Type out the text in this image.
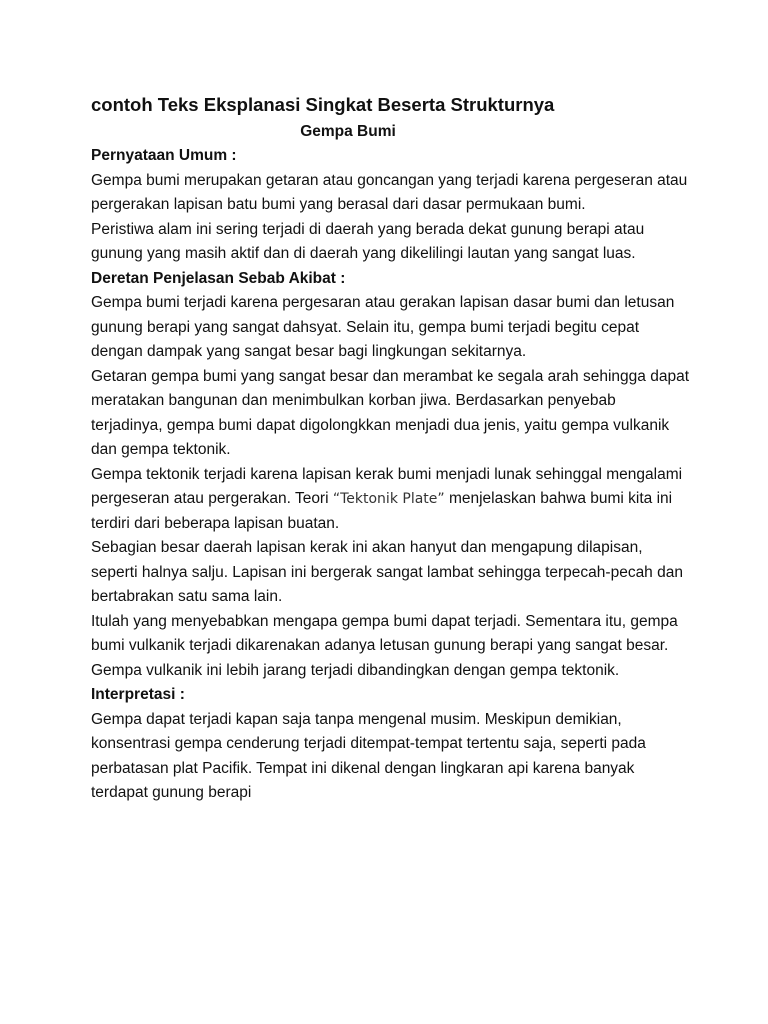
contoh Teks Eksplanasi Singkat Beserta Strukturnya
Gempa Bumi
Pernyataan Umum :

Gempa bumi merupakan getaran atau goncangan yang terjadi karena pergeseran atau pergerakan lapisan batu bumi yang berasal dari dasar permukaan bumi.

Peristiwa alam ini sering terjadi di daerah yang berada dekat gunung berapi atau gunung yang masih aktif dan di daerah yang dikelilingi lautan yang sangat luas.

Deretan Penjelasan Sebab Akibat :

Gempa bumi terjadi karena pergesaran atau gerakan lapisan dasar bumi dan letusan gunung berapi yang sangat dahsyat. Selain itu, gempa bumi terjadi begitu cepat dengan dampak yang sangat besar bagi lingkungan sekitarnya.

Getaran gempa bumi yang sangat besar dan merambat ke segala arah sehingga dapat meratakan bangunan dan menimbulkan korban jiwa. Berdasarkan penyebab terjadinya, gempa bumi dapat digolongkkan menjadi dua jenis, yaitu gempa vulkanik dan gempa tektonik.

Gempa tektonik terjadi karena lapisan kerak bumi menjadi lunak sehinggal mengalami pergeseran atau pergerakan. Teori “Tektonik Plate” menjelaskan bahwa bumi kita ini terdiri dari beberapa lapisan buatan.

Sebagian besar daerah lapisan kerak ini akan hanyut dan mengapung dilapisan, seperti halnya salju. Lapisan ini bergerak sangat lambat sehingga terpecah-pecah dan bertabrakan satu sama lain.

Itulah yang menyebabkan mengapa gempa bumi dapat terjadi. Sementara itu, gempa bumi vulkanik terjadi dikarenakan adanya letusan gunung berapi yang sangat besar. Gempa vulkanik ini lebih jarang terjadi dibandingkan dengan gempa tektonik.

Interpretasi :

Gempa dapat terjadi kapan saja tanpa mengenal musim. Meskipun demikian, konsentrasi gempa cenderung terjadi ditempat-tempat tertentu saja, seperti pada perbatasan plat Pacifik. Tempat ini dikenal dengan lingkaran api karena banyak terdapat gunung berapi
